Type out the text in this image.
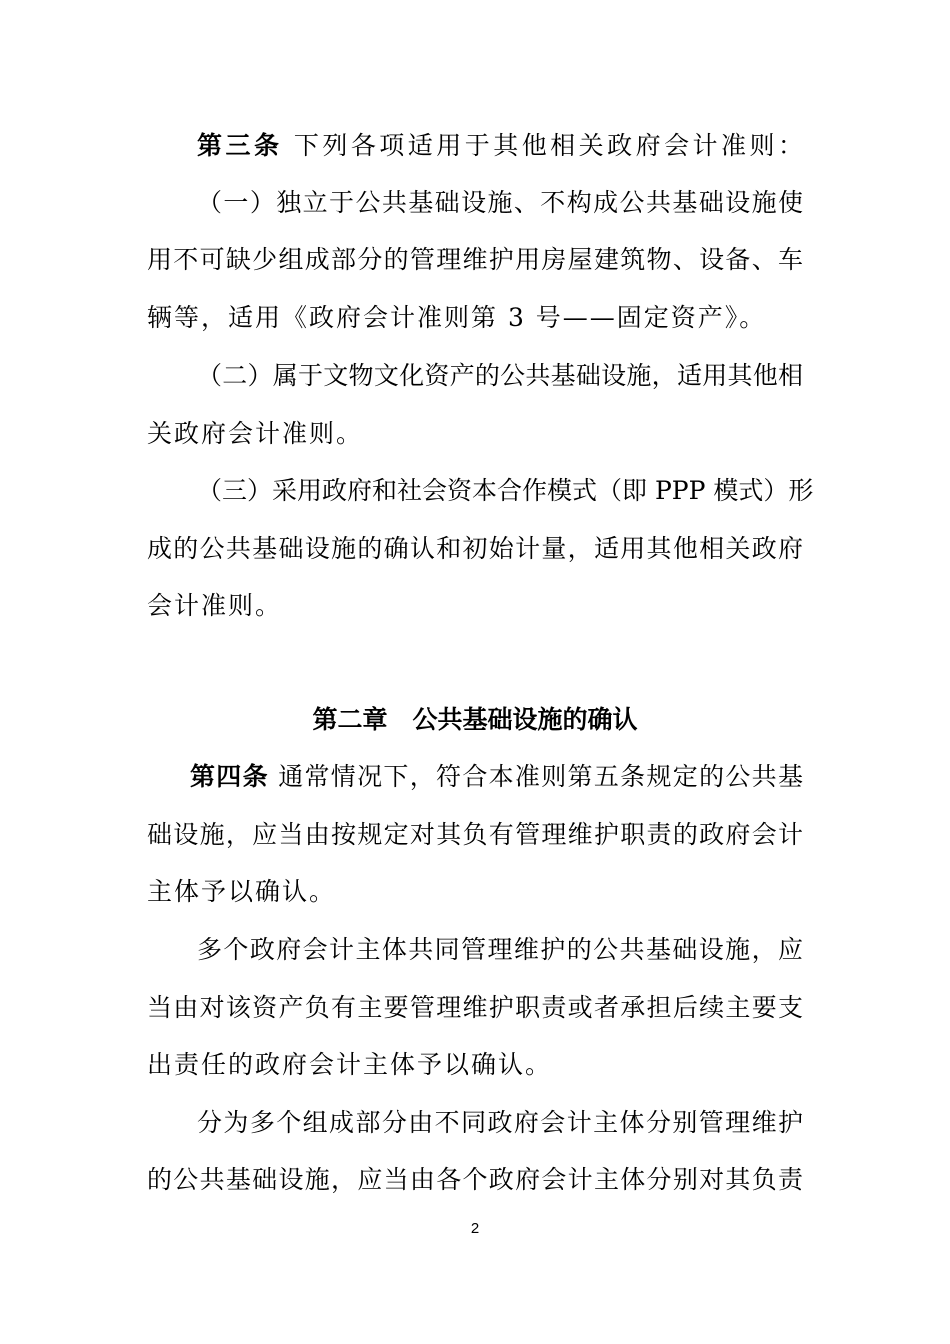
第三条 下列各项适用于其他相关政府会计准则：
（一）独立于公共基础设施、不构成公共基础设施使
用不可缺少组成部分的管理维护用房屋建筑物、设备、车
辆等，适用《政府会计准则第 3 号——固定资产》。
（二）属于文物文化资产的公共基础设施，适用其他相
关政府会计准则。
（三）采用政府和社会资本合作模式（即 PPP 模式）形
成的公共基础设施的确认和初始计量，适用其他相关政府
会计准则。
第二章　公共基础设施的确认
第四条 通常情况下，符合本准则第五条规定的公共基
础设施，应当由按规定对其负有管理维护职责的政府会计
主体予以确认。
多个政府会计主体共同管理维护的公共基础设施，应
当由对该资产负有主要管理维护职责或者承担后续主要支
出责任的政府会计主体予以确认。
分为多个组成部分由不同政府会计主体分别管理维护
的公共基础设施，应当由各个政府会计主体分别对其负责
2
